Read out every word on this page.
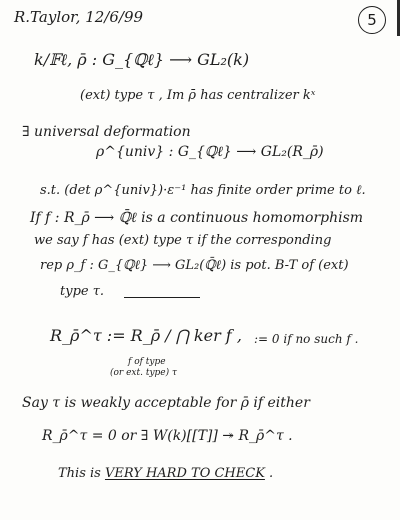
R.Taylor, 12/6/99	5
k/𝔽ℓ, ρ̄ : G_{ℚℓ} ⟶ GL₂(k)
(ext) type τ , Im ρ̄ has centralizer kˣ
∃ universal deformation
ρ^{univ} : G_{ℚℓ} ⟶ GL₂(R_ρ̄)
s.t. (det ρ^{univ})·ε⁻¹ has finite order prime to ℓ.
If f : R_ρ̄ ⟶ ℚ̄ℓ is a continuous homomorphism
we say f has (ext) type τ if the corresponding
rep ρ_f : G_{ℚℓ} ⟶ GL₂(ℚ̄ℓ) is pot. B-T of (ext)
type τ.
R_ρ̄^τ := R_ρ̄ / ⋂ ker f , := 0 if no such f .
f of type
(or ext. type) τ
Say τ is weakly acceptable for ρ̄ if either
R_ρ̄^τ = 0 or ∃ W(k)[[T]] ↠ R_ρ̄^τ .
This is VERY HARD TO CHECK .
